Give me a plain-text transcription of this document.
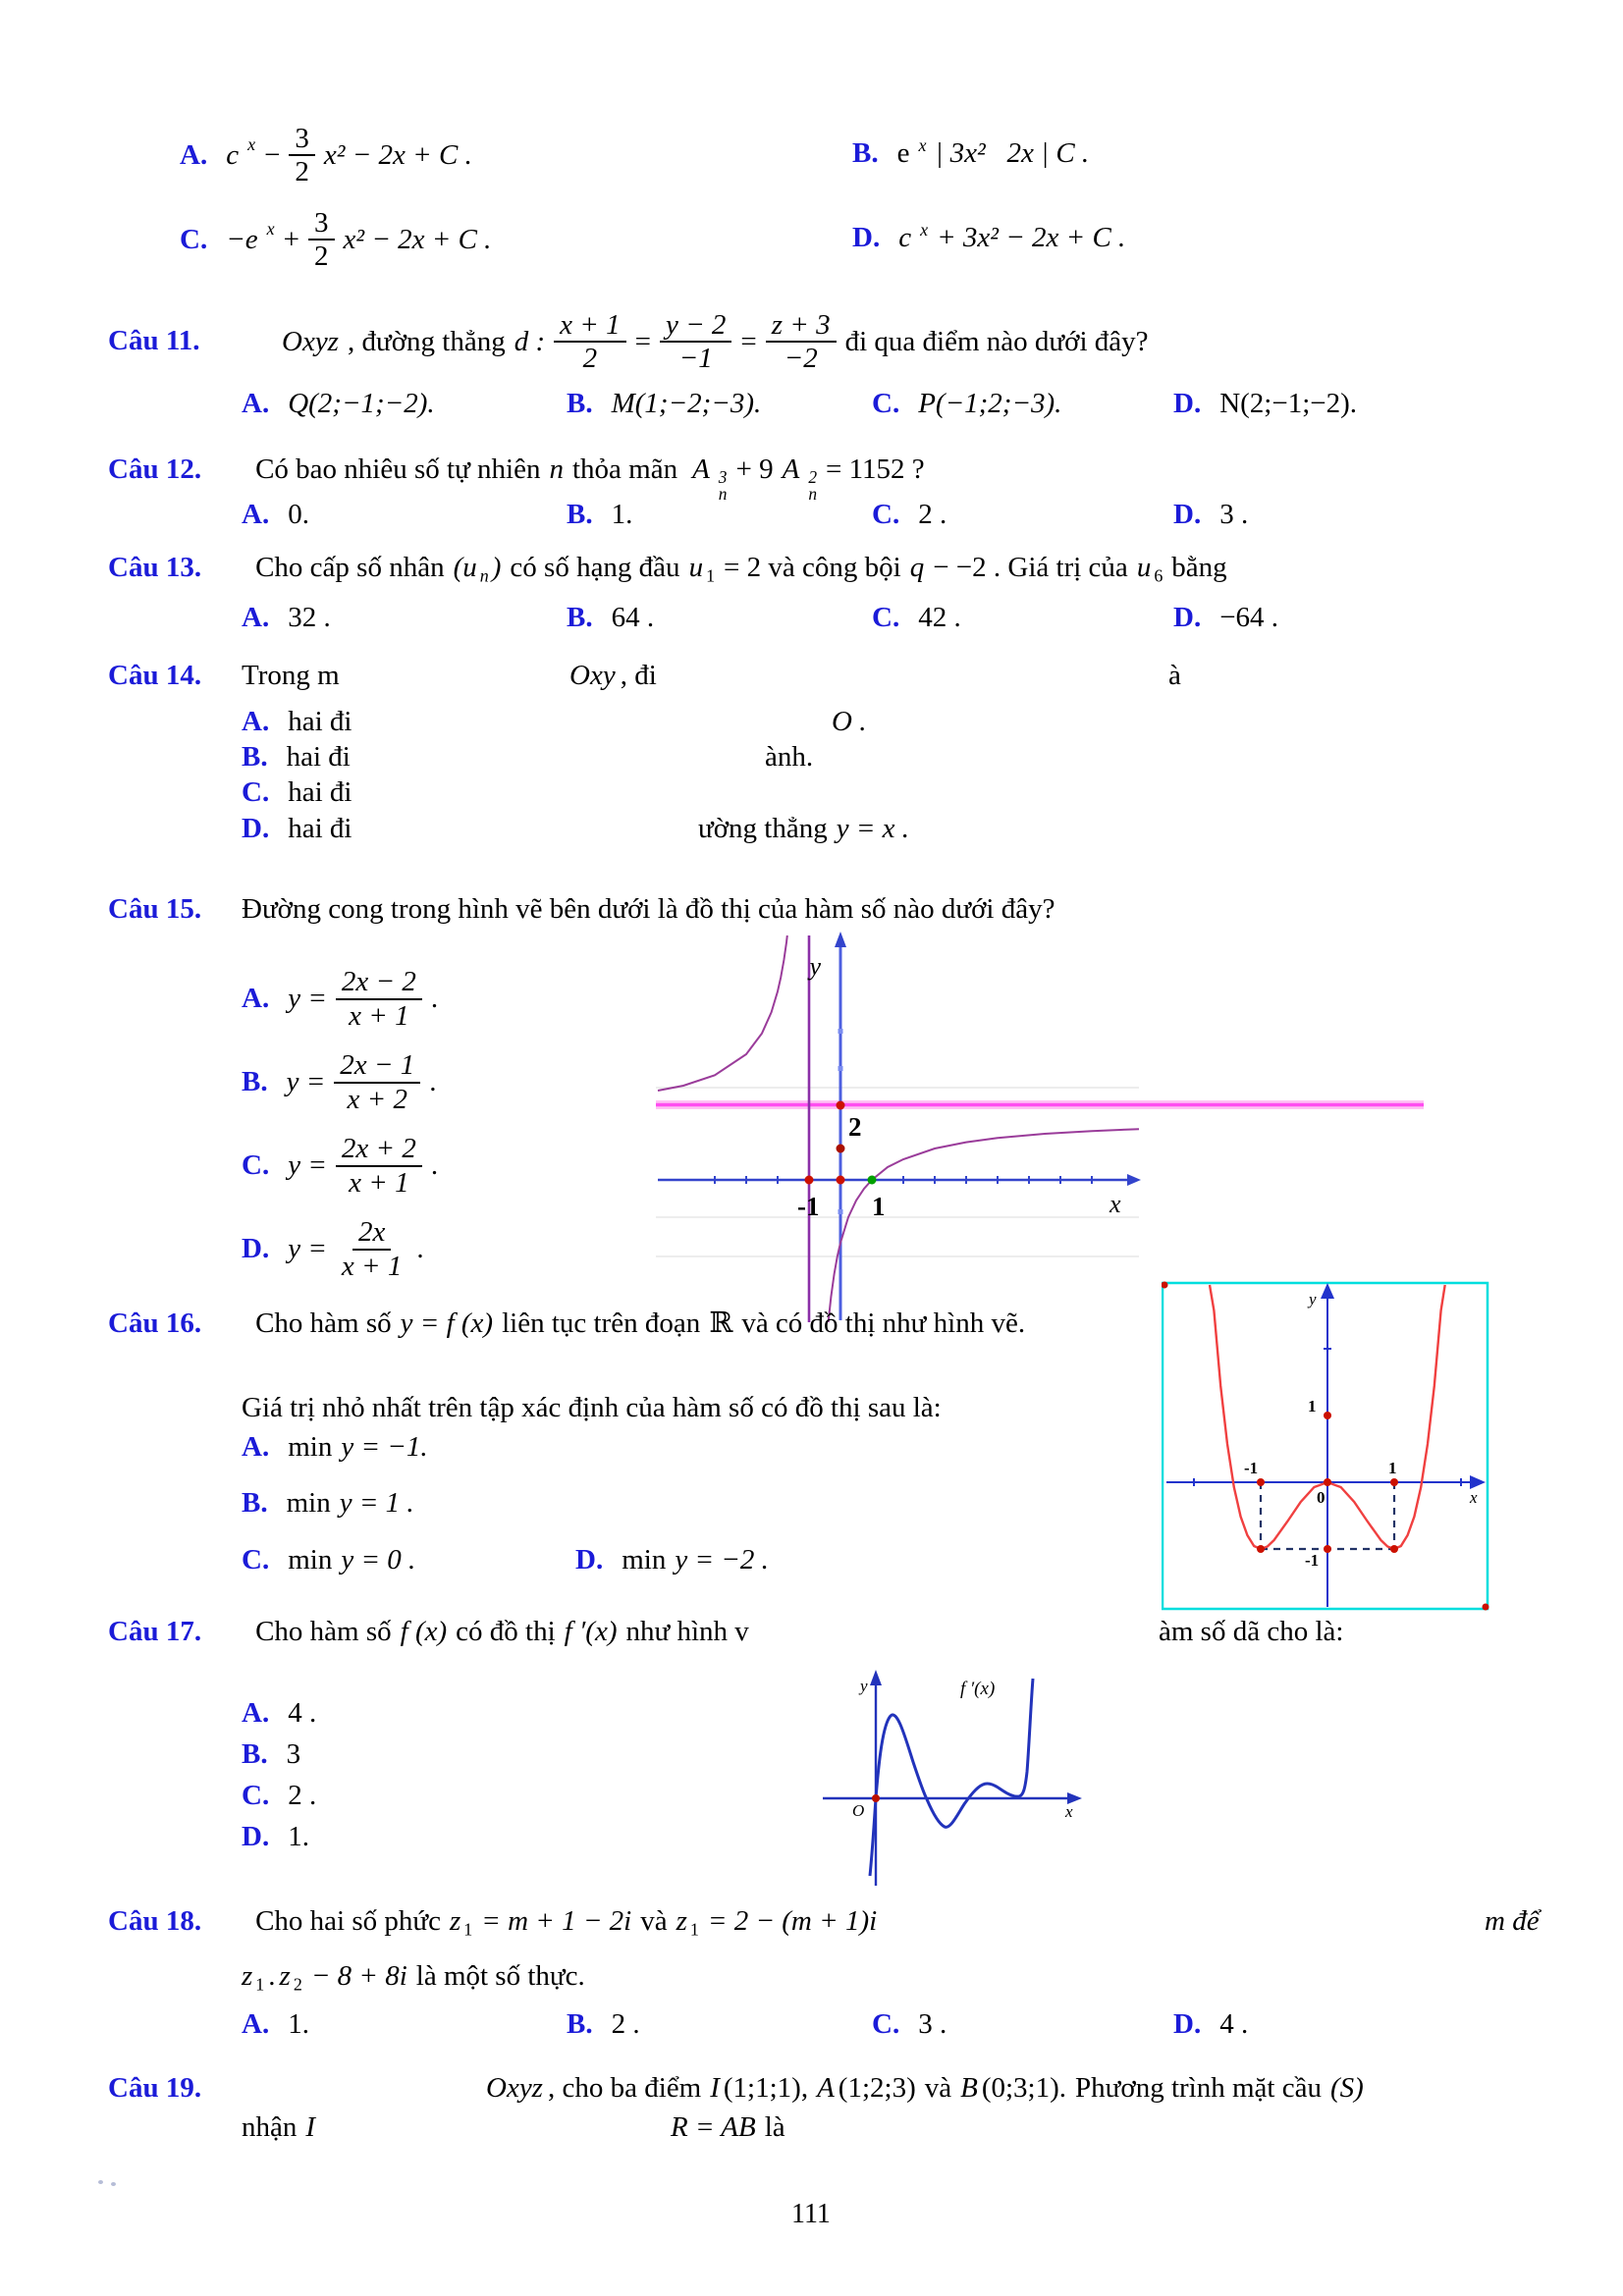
A. c $x - \frac{3}{2} x^2 - 2x + C$ .	B. e x | 3x²   2x | C .
C. −e $x + \frac{3}{2} x^2 - 2x + C$ .	D. c x + 3x² − 2x + C .
Câu 11.	Oxyz , đường thẳng d : $\frac{x + 1}{2} = \frac{y - 2}{-1} = \frac{z + 3}{-2}$ đi qua điểm nào dưới đây?
A. Q(2;−1;−2).	B. M(1;−2;−3).	C. P(−1;2;−3).	D. N(2;−1;−2).
Câu 12. Có bao nhiêu số tự nhiên n thỏa mãn A 3
n
+ 9 A 2
n
= 1152 ?
A. 0.	B. 1.	C. 2 .	D. 3 .
Câu 13. Cho cấp số nhân (u n ) có số hạng đầu u 1 = 2 và công bội q − −2 . Giá trị của u 6 bằng
A. 32 .	B. 64 .	C. 42 .	D. −64 .
Câu 14. Trong m	Oxy , đi	à
A. hai đi	O .
B. hai đi	ành.
C. hai đi
D. hai đi	ường thẳng y = x .
Câu 15. Đường cong trong hình vẽ bên dưới là đồ thị của hàm số nào dưới đây?
A. $y = \frac{2x - 2}{x + 1}$ .
B. $y = \frac{2x - 1}{x + 2}$ .
C. $y = \frac{2x + 2}{x + 1}$ .
D. $y = \frac{2x}{x + 1}$ .
y
2
-1 1	x
Câu 16. Cho hàm số y = f (x) liên tục trên đoạn ℝ và có đồ thị như hình vẽ.
Giá trị nhỏ nhất trên tập xác định của hàm số có đồ thị sau là:
A. min y = −1.
B. min y = 1 .
C. min y = 0 .	D. min y = −2 .
y
1
-1
0
1
x
-1
Câu 17. Cho hàm số f (x) có đồ thị f ′(x) như hình v	àm số dã cho là:
A. 4 .
B. 3
C. 2 .
D. 1.
y	f ′(x)
O	x
Câu 18. Cho hai số phức z 1 = m + 1 − 2i và z 1 = 2 − (m + 1)i	m để
z 1 . z 2 − 8 + 8i là một số thực.
A. 1.	B. 2 .	C. 3 .	D. 4 .
Câu 19.	Oxyz , cho ba điểm I (1;1;1), A (1;2;3) và B (0;3;1). Phương trình mặt cầu (S)
nhận I	R = AB là
111
